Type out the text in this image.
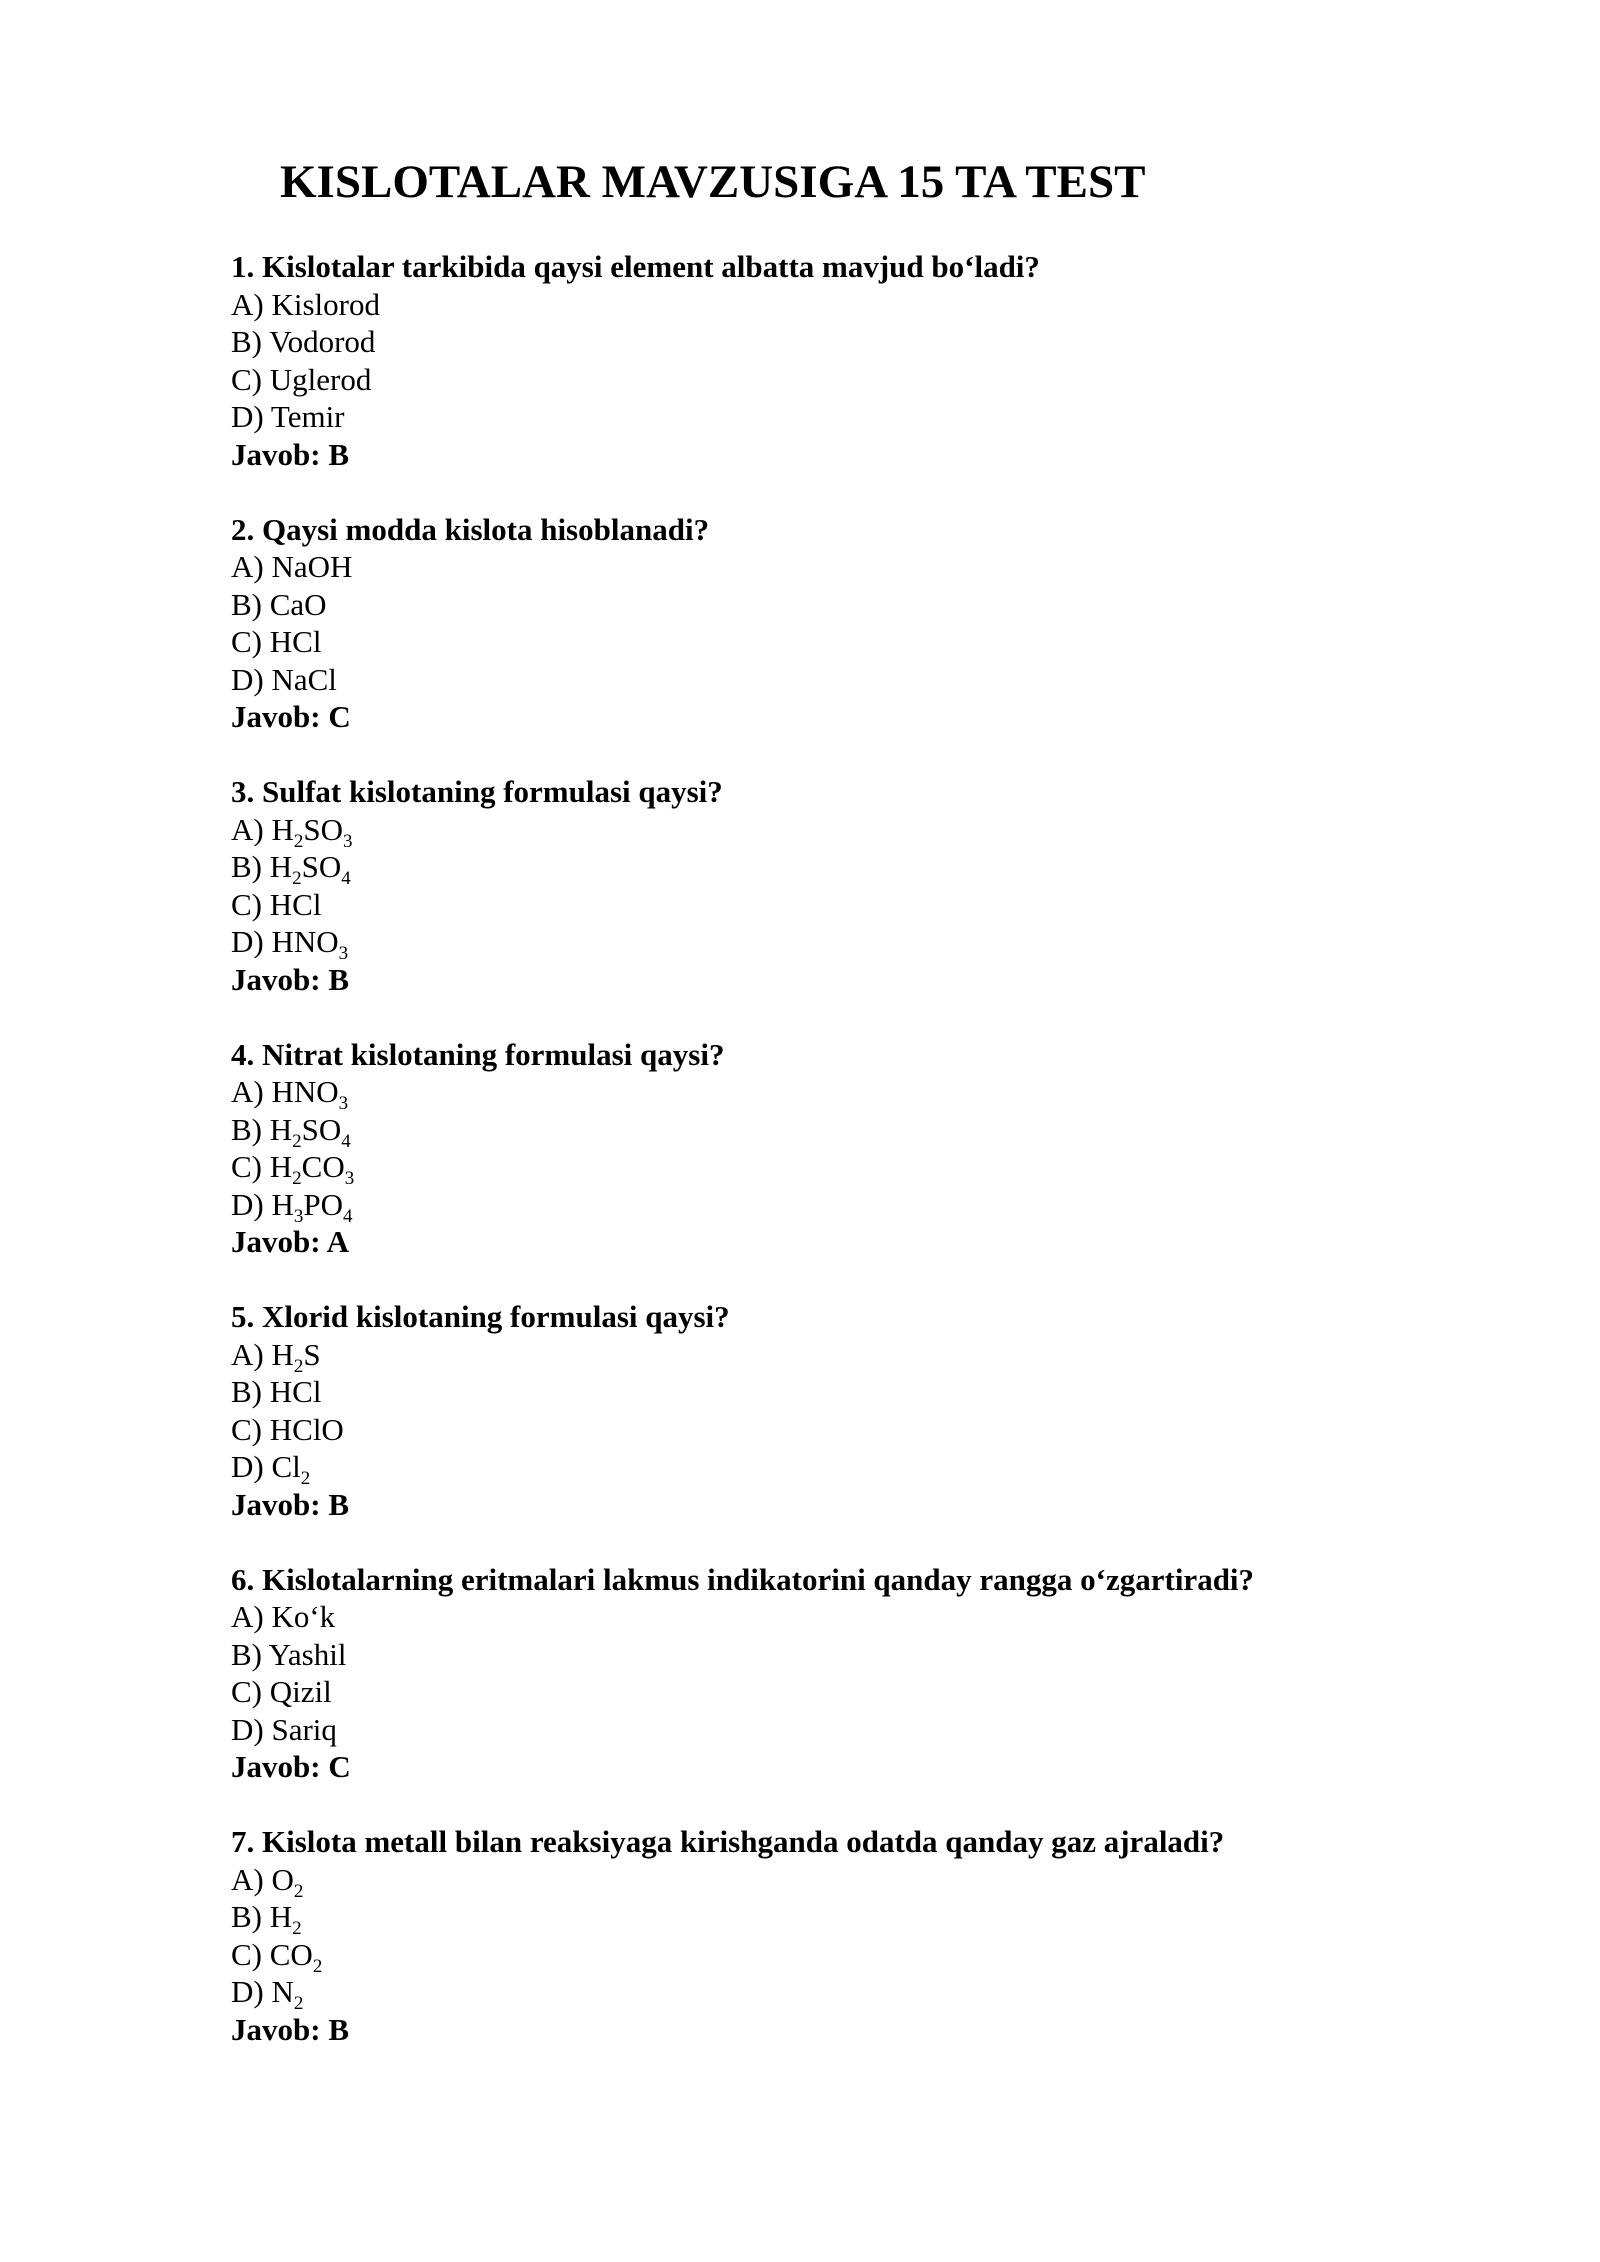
KISLOTALAR MAVZUSIGA 15 TA TEST
1. Kislotalar tarkibida qaysi element albatta mavjud bo‘ladi?
A) Kislorod
B) Vodorod
C) Uglerod
D) Temir
Javob: B
2. Qaysi modda kislota hisoblanadi?
A) NaOH
B) CaO
C) HCl
D) NaCl
Javob: C
3. Sulfat kislotaning formulasi qaysi?
A) $H_2SO_3$
B) $H_2SO_4$
C) HCl
D) $HNO_3$
Javob: B
4. Nitrat kislotaning formulasi qaysi?
A) $HNO_3$
B) $H_2SO_4$
C) $H_2CO_3$
D) $H_3PO_4$
Javob: A
5. Xlorid kislotaning formulasi qaysi?
A) $H_2S$
B) HCl
C) HClO
D) $Cl_2$
Javob: B
6. Kislotalarning eritmalari lakmus indikatorini qanday rangga o‘zgartiradi?
A) Ko‘k
B) Yashil
C) Qizil
D) Sariq
Javob: C
7. Kislota metall bilan reaksiyaga kirishganda odatda qanday gaz ajraladi?
A) $O_2$
B) $H_2$
C) $CO_2$
D) $N_2$
Javob: B
